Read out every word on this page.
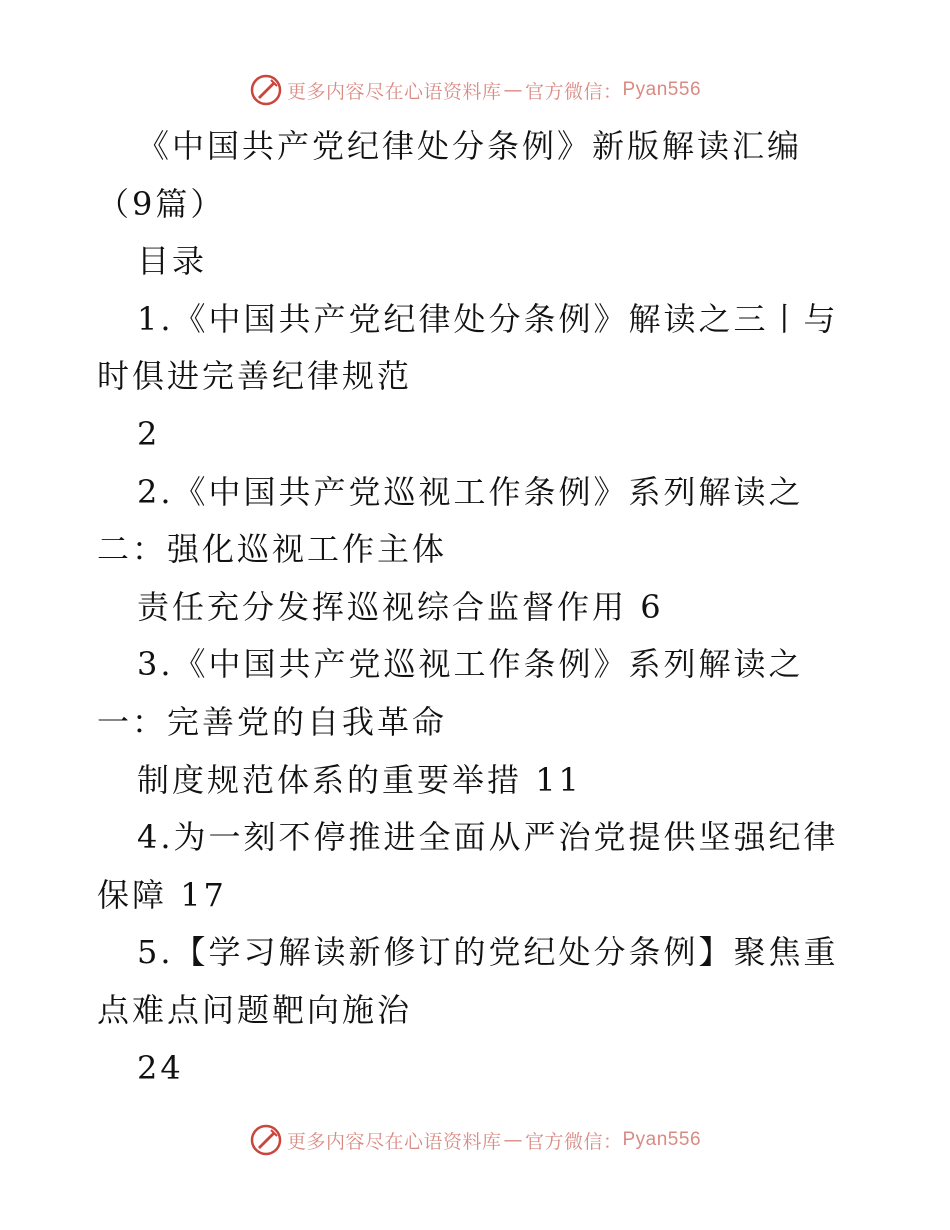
更多内容尽在心语资料库 — 官方微信： Pyan556

《中国共产党纪律处分条例》新版解读汇编（9篇）

目录

1.《中国共产党纪律处分条例》解读之三丨与时俱进完善纪律规范

2

2.《中国共产党巡视工作条例》系列解读之二：强化巡视工作主体

责任充分发挥巡视综合监督作用 6

3.《中国共产党巡视工作条例》系列解读之一：完善党的自我革命

制度规范体系的重要举措 11

4.为一刻不停推进全面从严治党提供坚强纪律保障 17

5.【学习解读新修订的党纪处分条例】聚焦重点难点问题靶向施治

24

更多内容尽在心语资料库 — 官方微信： Pyan556
